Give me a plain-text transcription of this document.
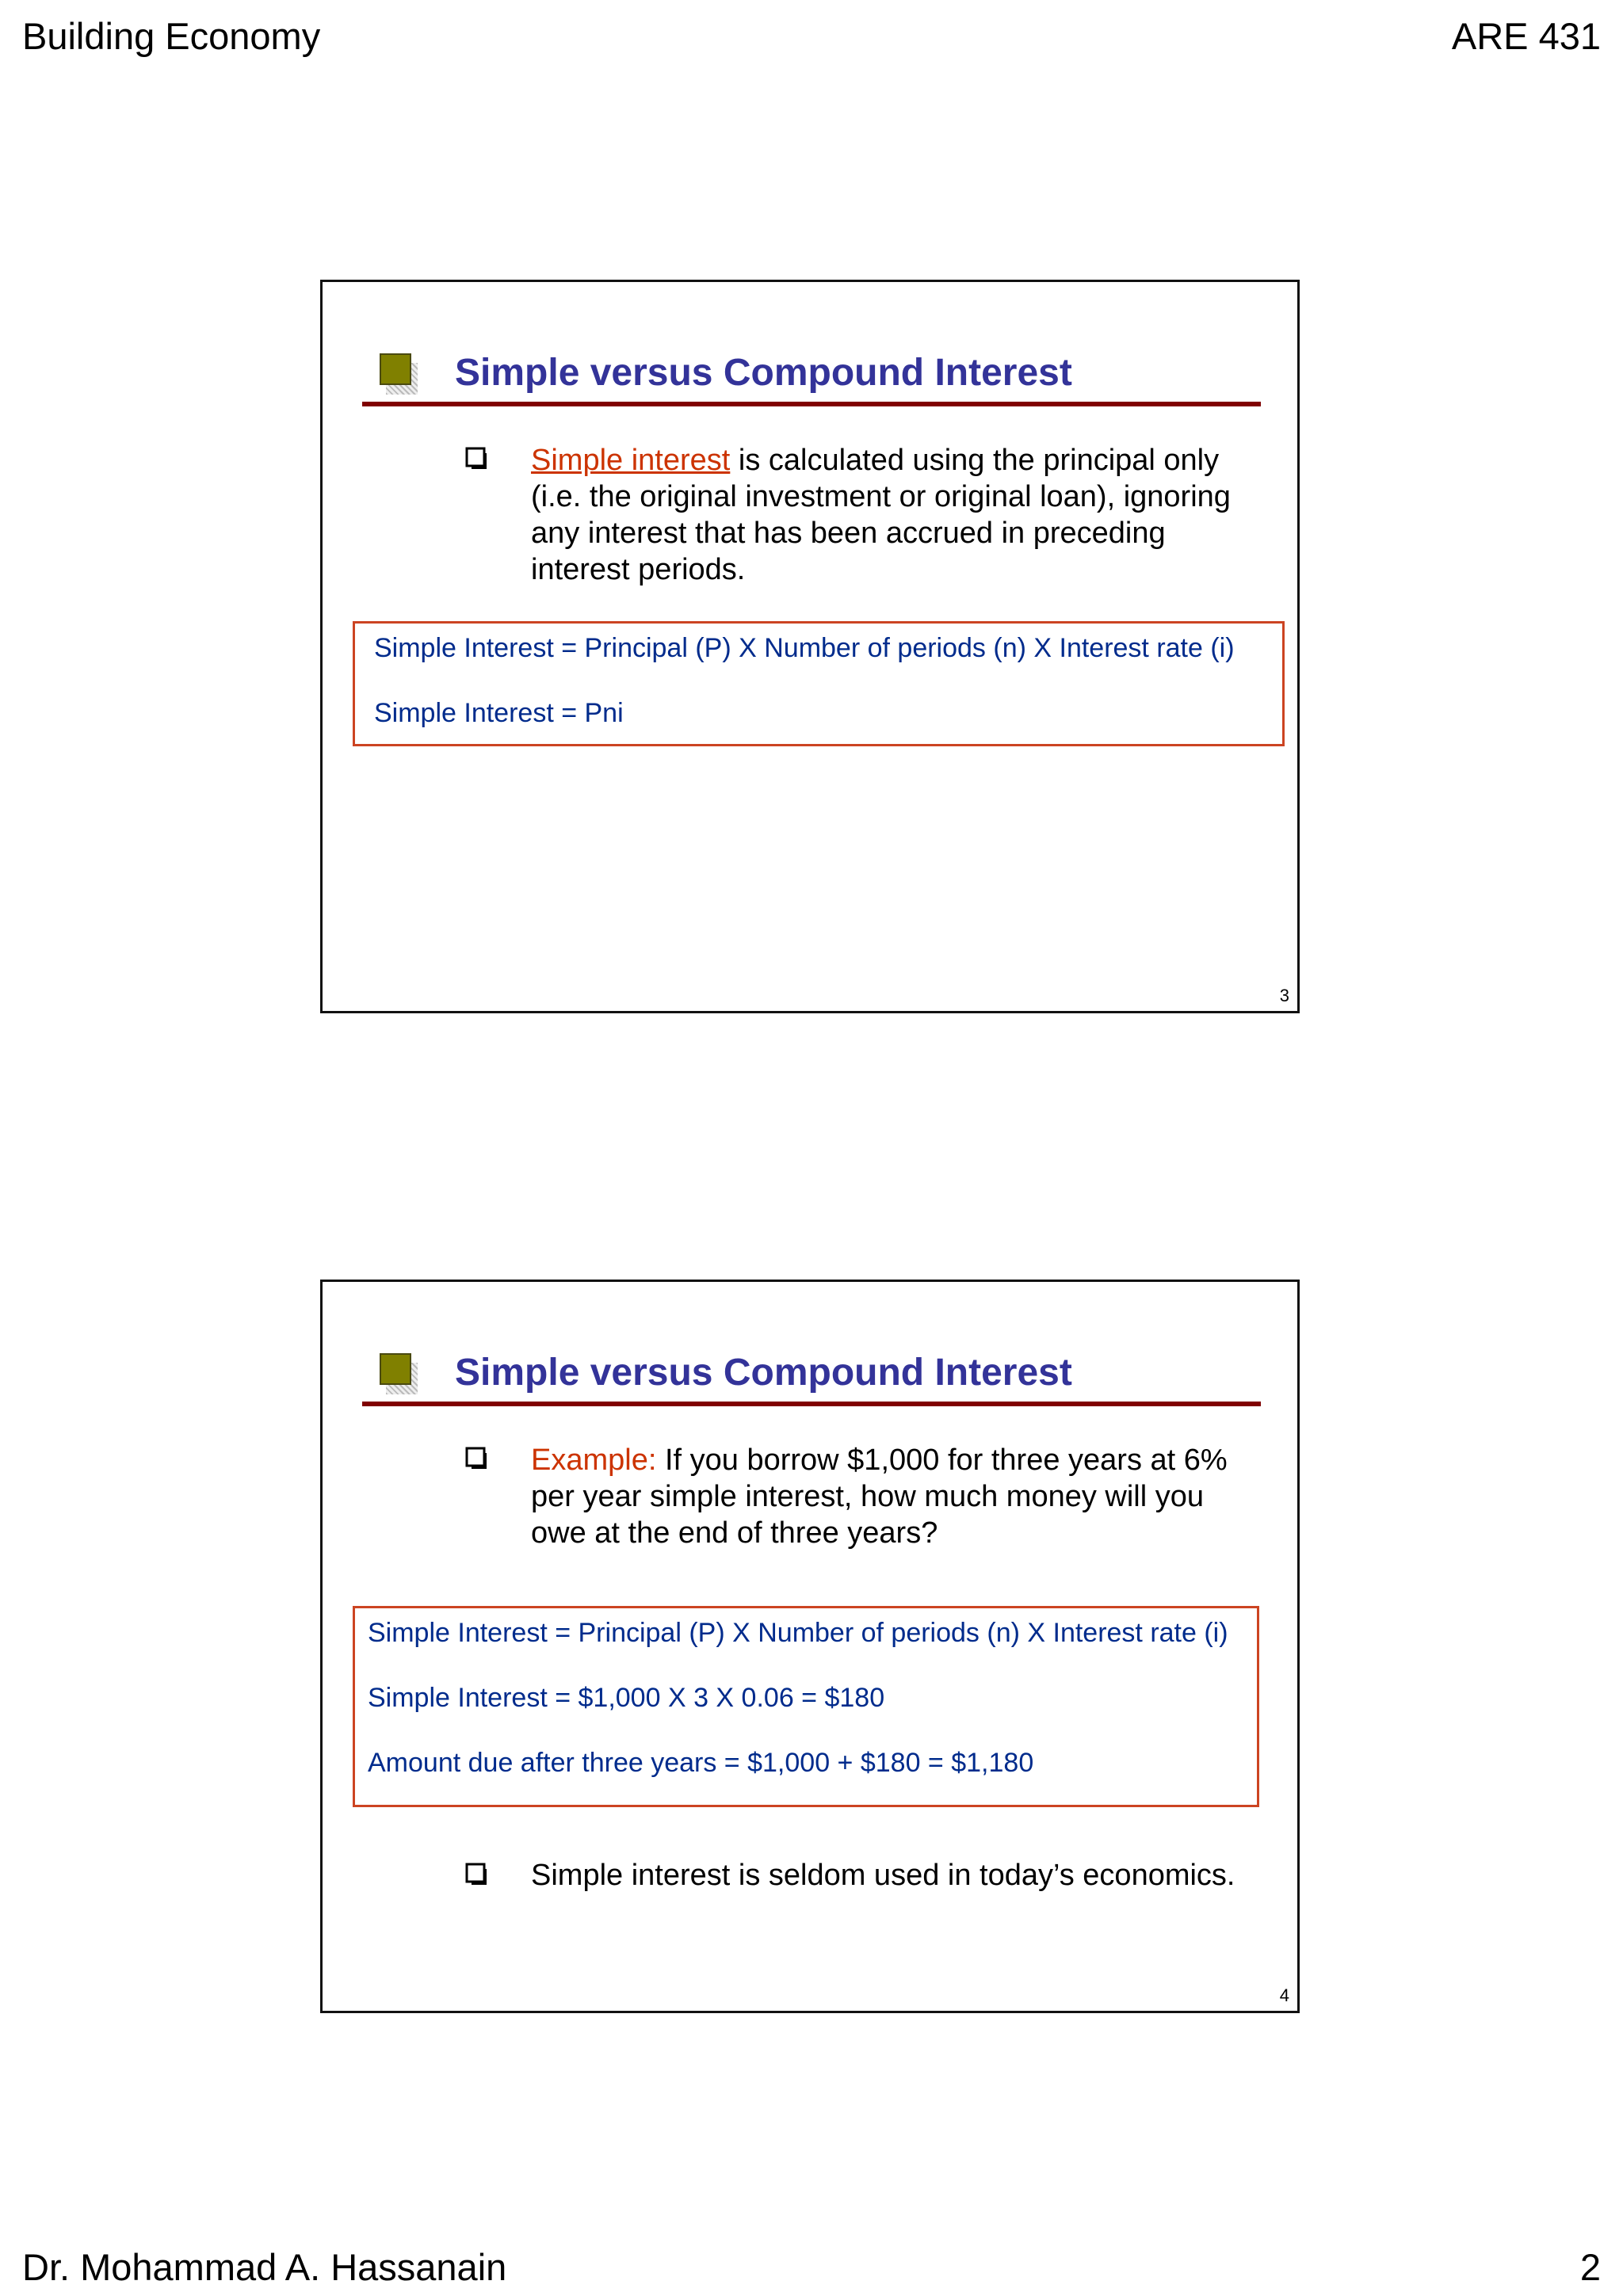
Building Economy	ARE 431
Simple versus Compound Interest
Simple interest is calculated using the principal only
(i.e. the original investment or original loan), ignoring
any interest that has been accrued in preceding
interest periods.
Simple Interest = Principal (P) X Number of periods (n) X Interest rate (i)
Simple Interest = Pni
3
Simple versus Compound Interest
Example: If you borrow $1,000 for three years at 6%
per year simple interest, how much money will you
owe at the end of three years?
Simple Interest = Principal (P) X Number of periods (n) X Interest rate (i)
Simple Interest = $1,000 X 3 X 0.06 = $180
Amount due after three years = $1,000 + $180 = $1,180
Simple interest is seldom used in today’s economics.
4
Dr. Mohammad A. Hassanain	2
